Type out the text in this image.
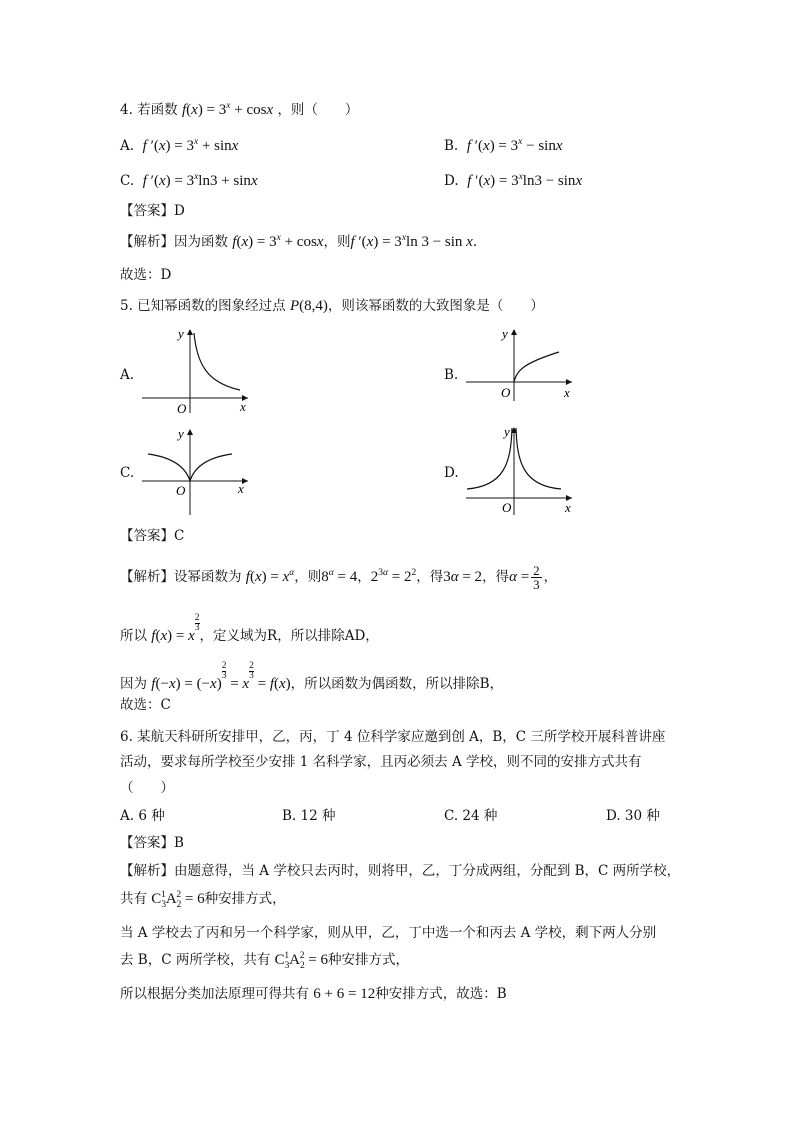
4. 若函数 $f(x) = 3^x + \cos x$ ，则（　　）
A. f $'(x) = 3^x + \sin x$	B. f $'(x) = 3^x - \sin x$
C. f $'(x) = 3^x\ln 3 + \sin x$	D. f $'(x) = 3^x\ln 3 - \sin x$
【答案】D
【解析】因为函数 $f(x) = 3^x + \cos x$，则f $'(x) = 3^x\ln$ 3 − sin x.
故选：D
5. 已知幂函数的图象经过点 P(8,4)，则该幂函数的大致图象是（　　）
A.
y
x
O
B.
y
x
O
C.
y
x
O
D.
y
x
O
【答案】C
【解析】设幂函数为 $f(x) = x^\alpha$，则$8^\alpha = 4$，$2^{3\alpha} = 2^2$，得3α = 2，得$\alpha = \frac{2}{3}$ ，
所以 f(x) = x
$\frac{2}{3}$
，定义域为R，所以排除AD，
因为 f(−x) = (−x)
$\frac{2}{3}$
= x
$\frac{2}{3}$
= f(x)，所以函数为偶函数，所以排除B，
故选：C
6. 某航天科研所安排甲，乙，丙，丁 4 位科学家应邀到创 A，B，C 三所学校开展科普讲座
活动，要求每所学校至少安排 1 名科学家，且丙必须去 A 学校，则不同的安排方式共有
（　　）
A. 6 种	B. 12 种	C. 24 种	D. 30 种
【答案】B
【解析】由题意得，当 A 学校只去丙时，则将甲，乙，丁分成两组，分配到 B，C 两所学校，
共有 $C_3^1A_2^2 = 6$种安排方式，
当 A 学校去了丙和另一个科学家，则从甲，乙，丁中选一个和丙去 A 学校，剩下两人分别
去 B，C 两所学校，共有 $C_3^1A_2^2 = 6$种安排方式，
所以根据分类加法原理可得共有 6 + 6 = 12种安排方式，故选：B
